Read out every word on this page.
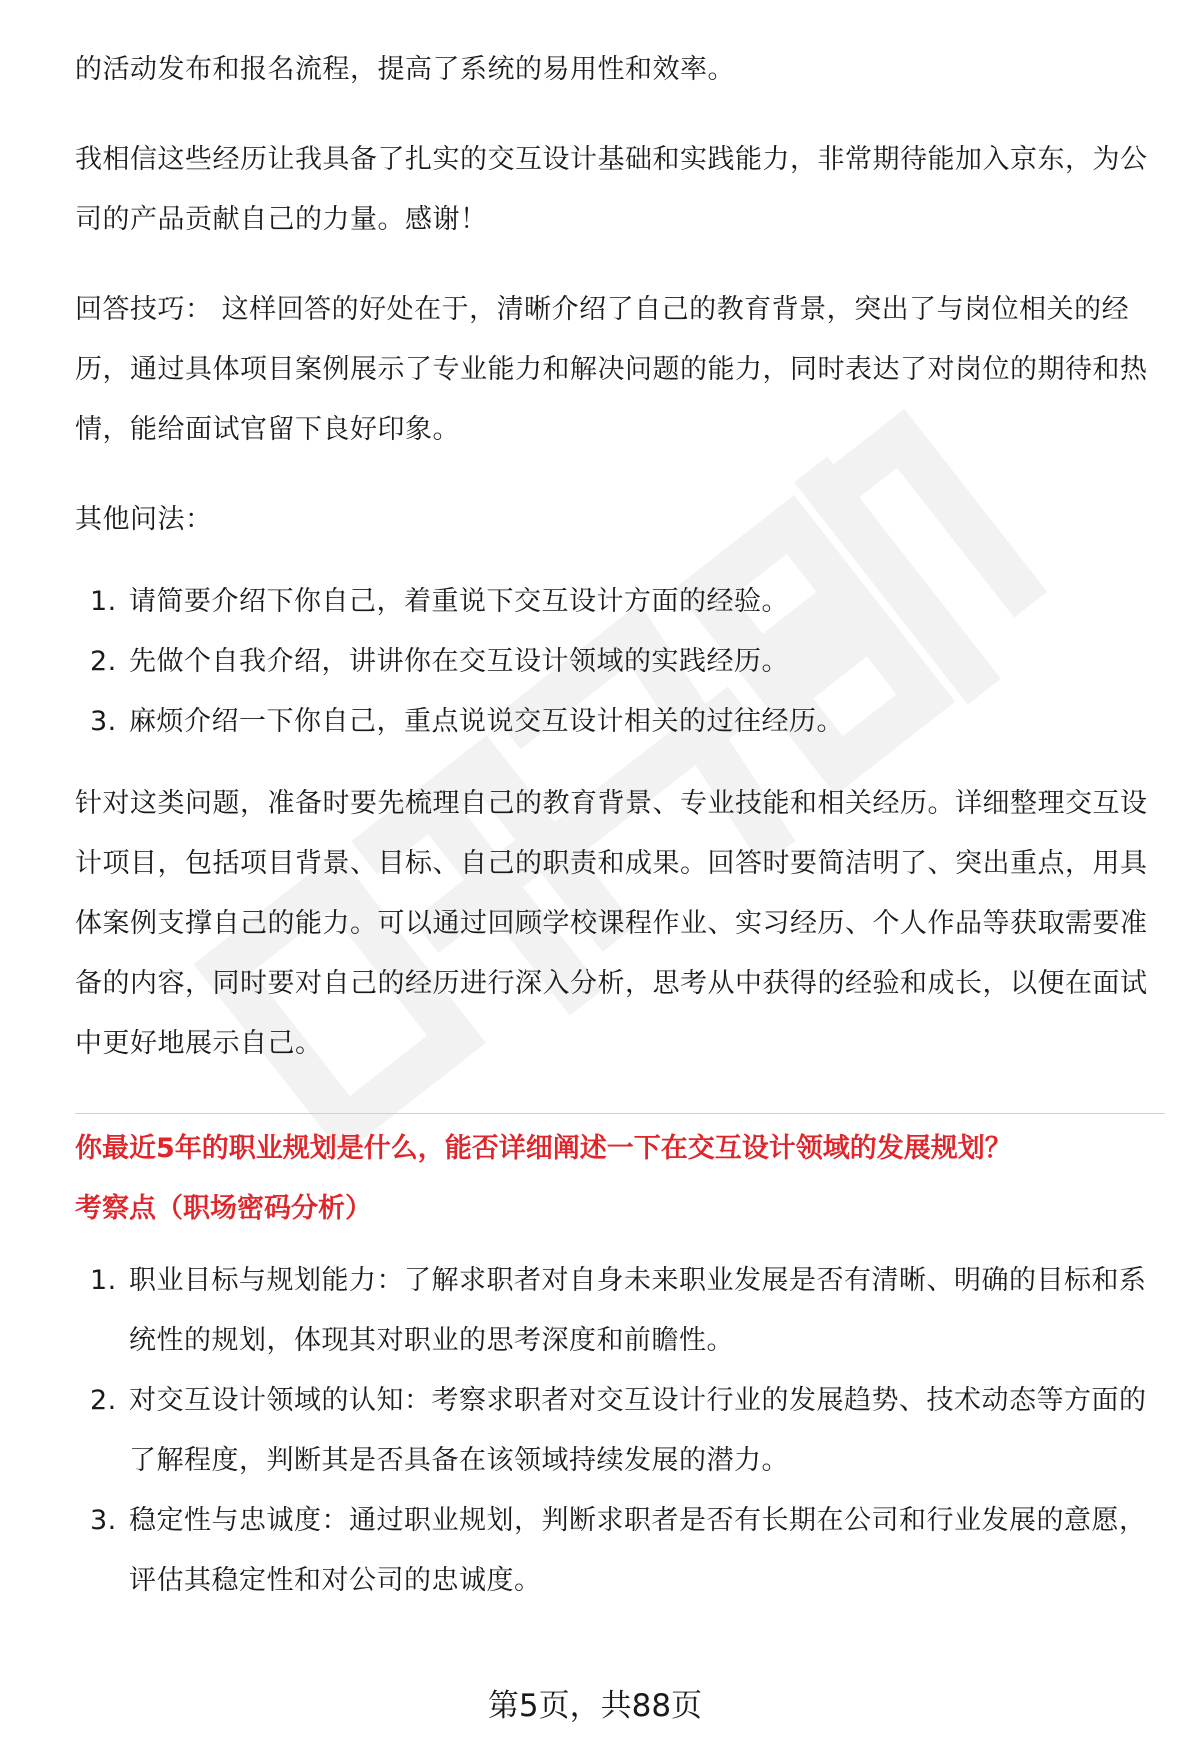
的活动发布和报名流程，提高了系统的易用性和效率。

我相信这些经历让我具备了扎实的交互设计基础和实践能力，非常期待能加入京东，为公司的产品贡献自己的力量。感谢！

回答技巧： 这样回答的好处在于，清晰介绍了自己的教育背景，突出了与岗位相关的经历，通过具体项目案例展示了专业能力和解决问题的能力，同时表达了对岗位的期待和热情，能给面试官留下良好印象。

其他问法：

1. 请简要介绍下你自己，着重说下交互设计方面的经验。
2. 先做个自我介绍，讲讲你在交互设计领域的实践经历。
3. 麻烦介绍一下你自己，重点说说交互设计相关的过往经历。

针对这类问题，准备时要先梳理自己的教育背景、专业技能和相关经历。详细整理交互设计项目，包括项目背景、目标、自己的职责和成果。回答时要简洁明了、突出重点，用具体案例支撑自己的能力。可以通过回顾学校课程作业、实习经历、个人作品等获取需要准备的内容，同时要对自己的经历进行深入分析，思考从中获得的经验和成长，以便在面试中更好地展示自己。

你最近5年的职业规划是什么，能否详细阐述一下在交互设计领域的发展规划？
考察点（职场密码分析）
1. 职业目标与规划能力：了解求职者对自身未来职业发展是否有清晰、明确的目标和系统性的规划，体现其对职业的思考深度和前瞻性。
2. 对交互设计领域的认知：考察求职者对交互设计行业的发展趋势、技术动态等方面的了解程度，判断其是否具备在该领域持续发展的潜力。
3. 稳定性与忠诚度：通过职业规划，判断求职者是否有长期在公司和行业发展的意愿，评估其稳定性和对公司的忠诚度。
第5页，共88页
